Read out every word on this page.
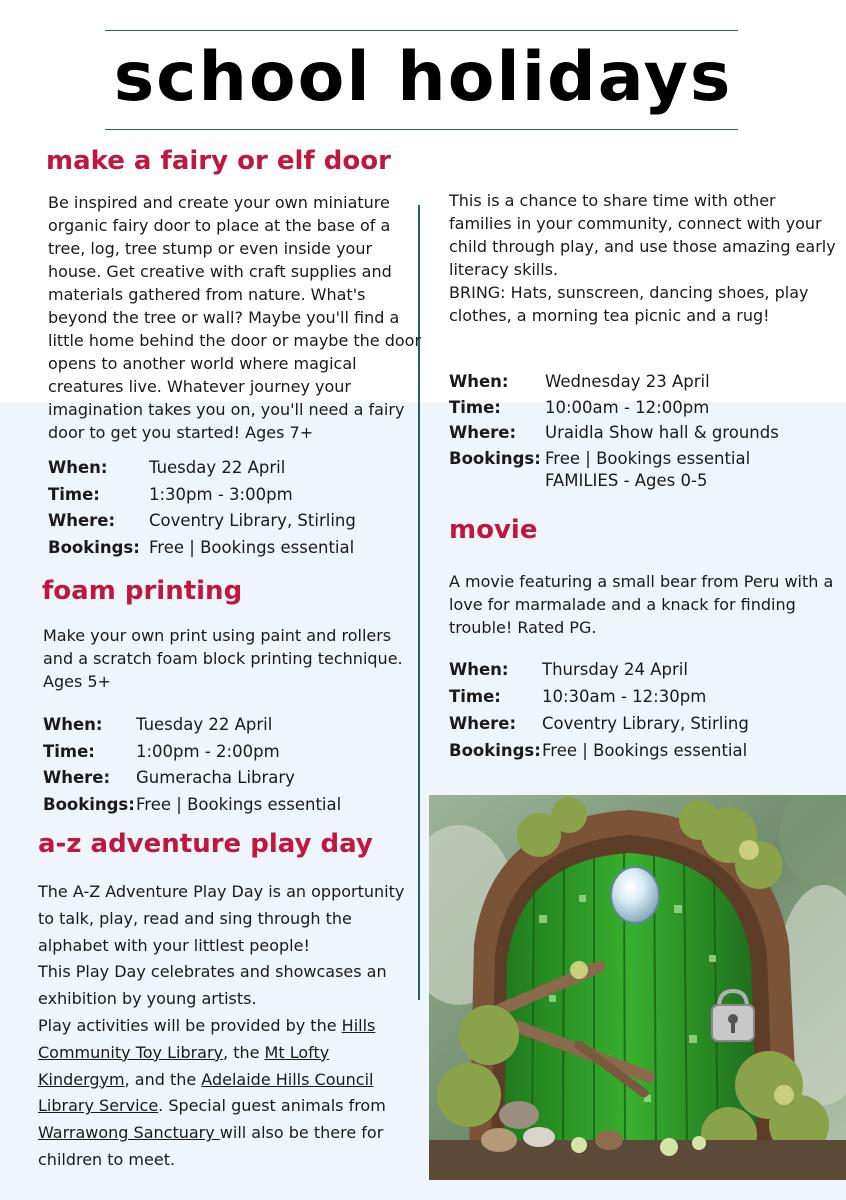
school holidays
make a fairy or elf door

Be inspired and create your own miniature organic fairy door to place at the base of a tree, log, tree stump or even inside your house. Get creative with craft supplies and materials gathered from nature. What's beyond the tree or wall? Maybe you'll find a little home behind the door or maybe the door opens to another world where magical creatures live. Whatever journey your imagination takes you on, you'll need a fairy door to get you started! Ages 7+

When:	Tuesday 22 April
Time:	1:30pm - 3:00pm
Where:	Coventry Library, Stirling
Bookings: Free | Bookings essential
foam printing

Make your own print using paint and rollers and a scratch foam block printing technique. Ages 5+

When:	Tuesday 22 April
Time:	1:00pm - 2:00pm
Where:	Gumeracha Library
Bookings: Free | Bookings essential
a-z adventure play day

The A-Z Adventure Play Day is an opportunity to talk, play, read and sing through the alphabet with your littlest people!

This Play Day celebrates and showcases an exhibition by young artists.

Play activities will be provided by the Hills Community Toy Library, the Mt Lofty Kindergym, and the Adelaide Hills Council Library Service. Special guest animals from Warrawong Sanctuary will also be there for children to meet.

This is a chance to share time with other families in your community, connect with your child through play, and use those amazing early literacy skills.

BRING: Hats, sunscreen, dancing shoes, play clothes, a morning tea picnic and a rug!

When:	Wednesday 23 April
Time:	10:00am - 12:00pm
Where:	Uraidla Show hall & grounds
Bookings: Free | Bookings essential
FAMILIES - Ages 0-5
movie

A movie featuring a small bear from Peru with a love for marmalade and a knack for finding trouble! Rated PG.

When:	Thursday 24 April
Time:	10:30am - 12:30pm
Where:	Coventry Library, Stirling
Bookings: Free | Bookings essential
